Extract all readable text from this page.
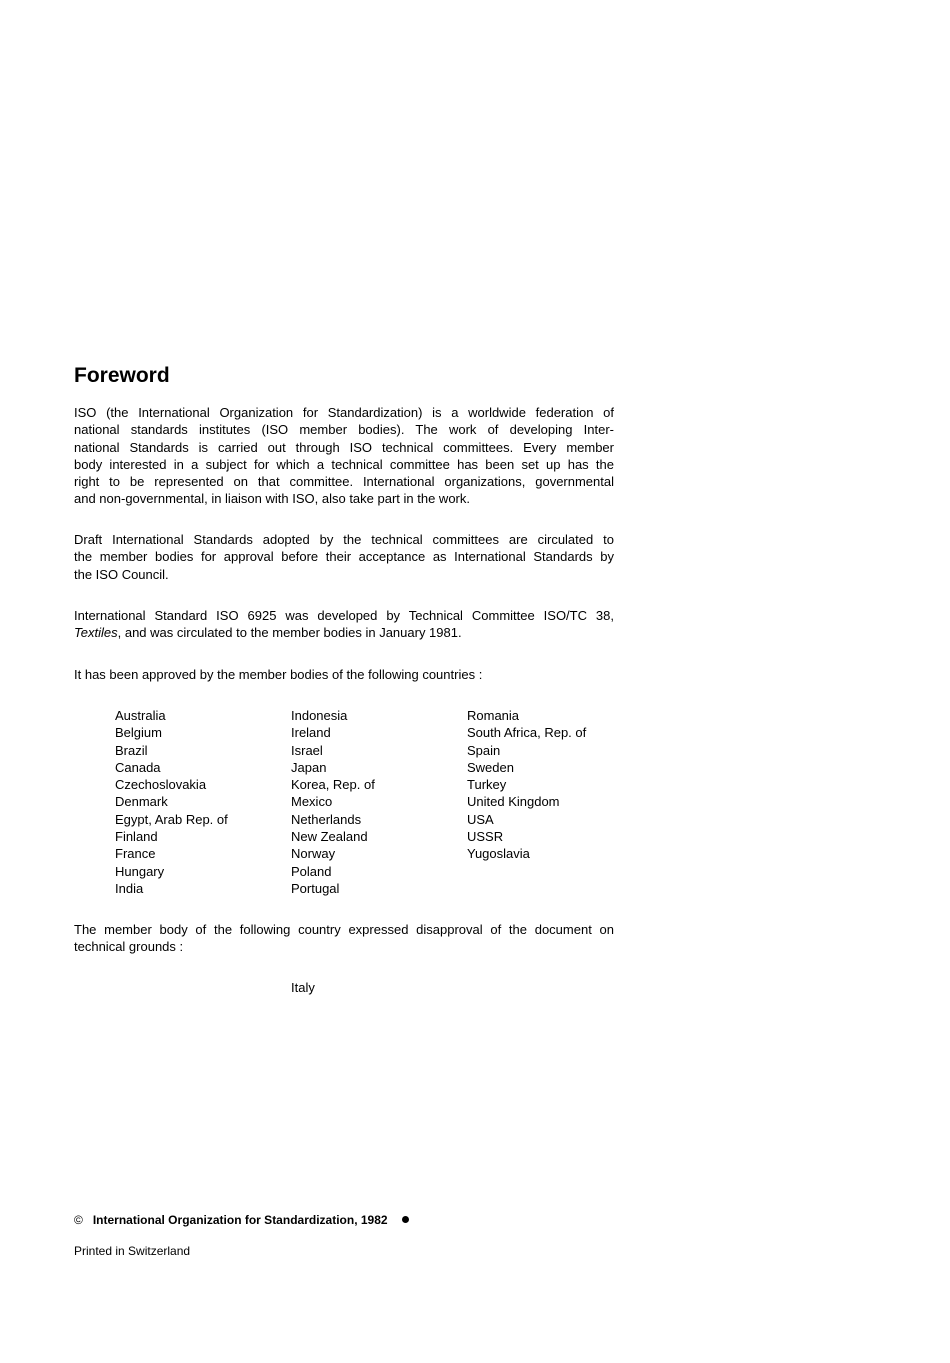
Foreword

ISO (the International Organization for Standardization) is a worldwide federation of
national standards institutes (ISO member bodies). The work of developing Inter-
national Standards is carried out through ISO technical committees. Every member
body interested in a subject for which a technical committee has been set up has the
right to be represented on that committee. International organizations, governmental
and non-governmental, in liaison with ISO, also take part in the work.

Draft International Standards adopted by the technical committees are circulated to
the member bodies for approval before their acceptance as International Standards by
the ISO Council.

International Standard ISO 6925 was developed by Technical Committee ISO/TC 38,
Textiles, and was circulated to the member bodies in January 1981.

It has been approved by the member bodies of the following countries :

Australia
Belgium
Brazil
Canada
Czechoslovakia
Denmark
Egypt, Arab Rep. of
Finland
France
Hungary
India
Indonesia
Ireland
Israel
Japan
Korea, Rep. of
Mexico
Netherlands
New Zealand
Norway
Poland
Portugal
Romania
South Africa, Rep. of
Spain
Sweden
Turkey
United Kingdom
USA
USSR
Yugoslavia

The member body of the following country expressed disapproval of the document on
technical grounds :

Italy

© International Organization for Standardization, 1982

Printed in Switzerland
